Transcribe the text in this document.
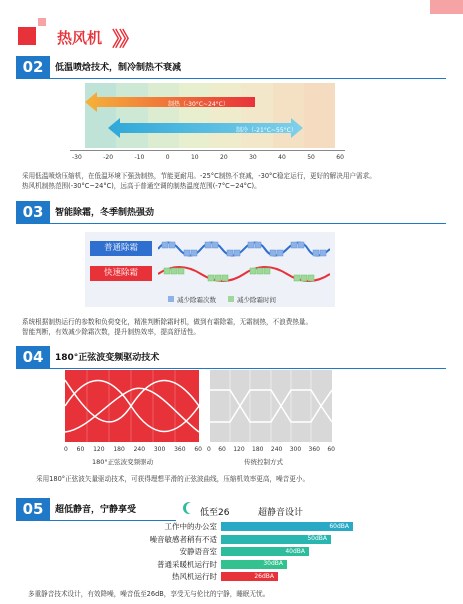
热风机 》》
02	低温喷焓技术，制冷制热不衰减
制热（-30°C~24°C）
制冷（-21°C~55°C）
-30	-20	-10	0	10	20	30	40	50	60
采用低温喷焓压缩机，在低温环境下强劲制热，节能更耐用。-25°C制热不衰减，-30°C稳定运行，更好的解决用户需求。
热风机制热范围(-30°C~24°C)，远高于普通空调的制热温度范围(-7°C~24°C)。
03	智能除霜，冬季制热强劲
普通除霜
快速除霜
减少除霜次数	减少除霜时间
系统根据制热运行的参数和负荷变化，精准判断除霜时机，做到有霜除霜，无霜制热，不浪费热量。
智能判断，有效减少除霜次数，提升制热效率，提高舒适性。
04	180°正弦波变频驱动技术
0 60 120 180 240 300 360 60 0 60 120 180 240 300 360 60
180°正弦波变频驱动	传统控制方式
采用180°正弦波矢量驱动技术，可获得理想平滑的正弦波曲线，压缩机效率更高，噪音更小。
05	超低静音，宁静享受	低至26	超静音设计
工作中的办公室	60dBA
噪音敏感者稍有不适	50dBA
安静语音室	40dBA
普通采暖机运行时	30dBA
热风机运行时	26dBA
多重静音技术设计，有效降噪，噪音低至26dB，享受无与伦比的宁静，睡眠无忧。
